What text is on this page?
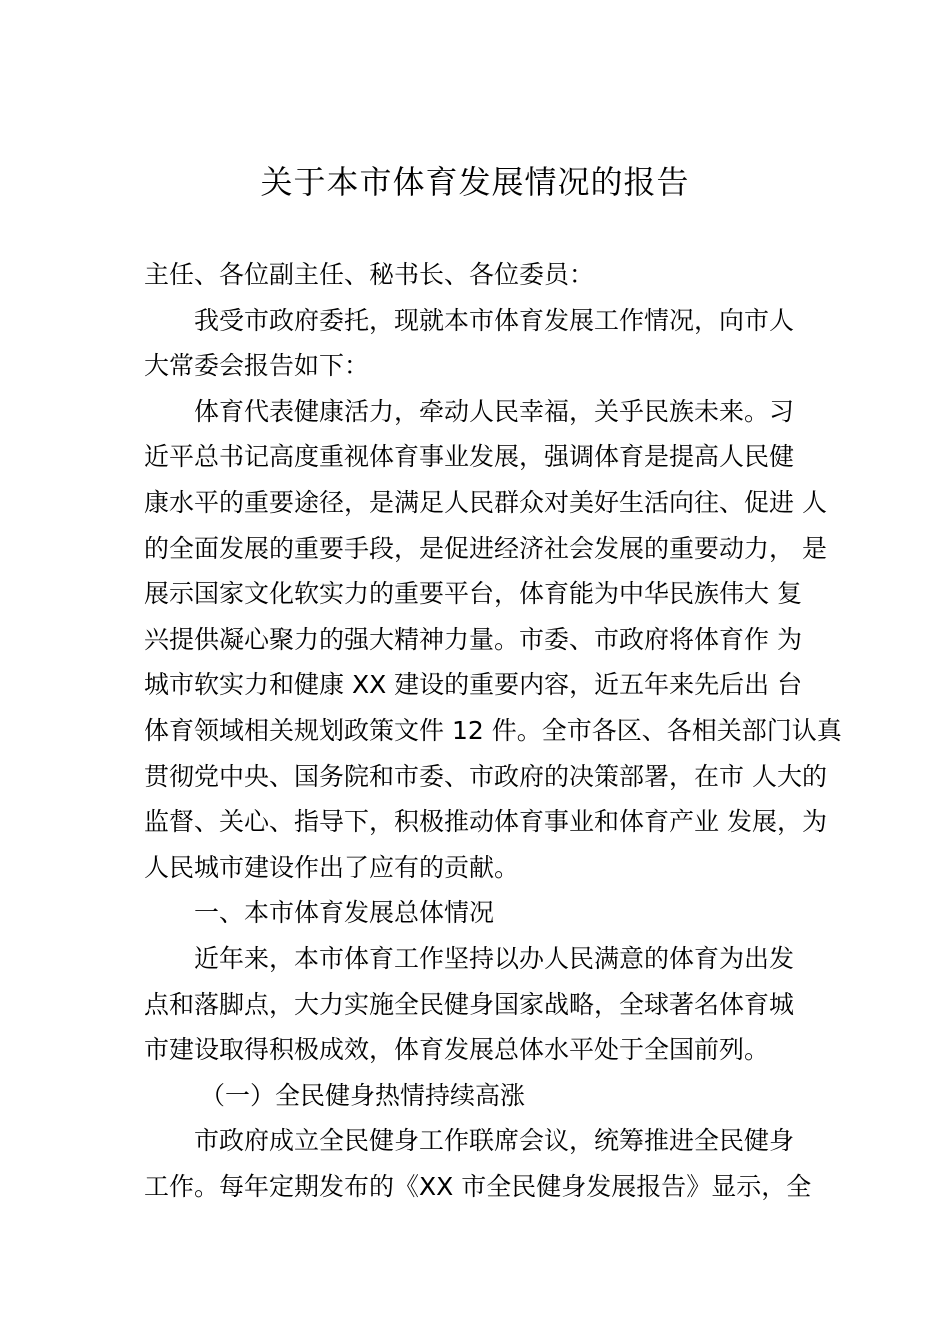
关于本市体育发展情况的报告
主任、各位副主任、秘书长、各位委员：
我受市政府委托，现就本市体育发展工作情况，向市人
大常委会报告如下：
体育代表健康活力，牵动人民幸福，关乎民族未来。习
近平总书记高度重视体育事业发展，强调体育是提高人民健
康水平的重要途径，是满足人民群众对美好生活向往、促进 人
的全面发展的重要手段，是促进经济社会发展的重要动力， 是
展示国家文化软实力的重要平台，体育能为中华民族伟大 复
兴提供凝心聚力的强大精神力量。市委、市政府将体育作 为
城市软实力和健康 XX 建设的重要内容，近五年来先后出 台
体育领域相关规划政策文件 12 件。全市各区、各相关部门认真
贯彻党中央、国务院和市委、市政府的决策部署，在市 人大的
监督、关心、指导下，积极推动体育事业和体育产业 发展，为
人民城市建设作出了应有的贡献。
一、本市体育发展总体情况
近年来，本市体育工作坚持以办人民满意的体育为出发
点和落脚点，大力实施全民健身国家战略，全球著名体育城
市建设取得积极成效，体育发展总体水平处于全国前列。
（一）全民健身热情持续高涨
市政府成立全民健身工作联席会议，统筹推进全民健身
工作。每年定期发布的《XX 市全民健身发展报告》显示，全
